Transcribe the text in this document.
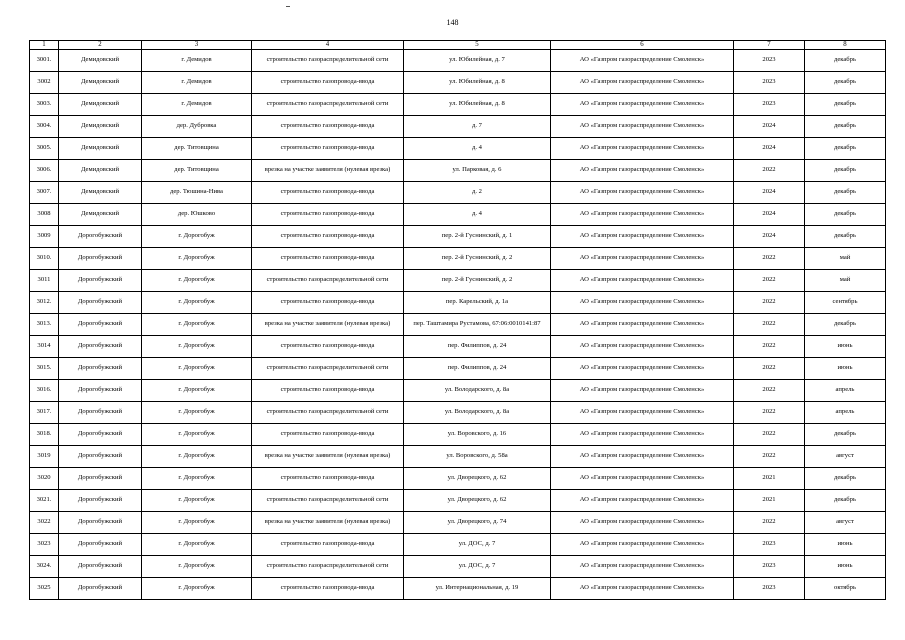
148
1	2	3	4	5	6	7	8
3001.	Демидовский	г. Демидов	строительство газораспределительной сети	ул. Юбилейная, д. 7	АО «Газпром газораспределение Смоленск»	2023	декабрь
3002	Демидовский	г. Демидов	строительство газопровода-ввода	ул. Юбилейная, д. 8	АО «Газпром газораспределение Смоленск»	2023	декабрь
3003.	Демидовский	г. Демидов	строительство газораспределительной сети	ул. Юбилейная, д. 8	АО «Газпром газораспределение Смоленск»	2023	декабрь
3004.	Демидовский	дер. Дубровка	строительство газопровода-ввода	д. 7	АО «Газпром газораспределение Смоленск»	2024	декабрь
3005.	Демидовский	дер. Титовщина	строительство газопровода-ввода	д. 4	АО «Газпром газораспределение Смоленск»	2024	декабрь
3006.	Демидовский	дер. Титовщина	врезка на участке заявителя (нулевая врезка)	ул. Парковая, д. 6	АО «Газпром газораспределение Смоленск»	2022	декабрь
3007.	Демидовский	дер. Тюшина-Нива	строительство газопровода-ввода	д. 2	АО «Газпром газораспределение Смоленск»	2024	декабрь
3008	Демидовский	дер. Юшково	строительство газопровода-ввода	д. 4	АО «Газпром газораспределение Смоленск»	2024	декабрь
3009	Дорогобужский	г. Дорогобуж	строительство газопровода-ввода	пер. 2-й Гуснинский, д. 1	АО «Газпром газораспределение Смоленск»	2024	декабрь
3010.	Дорогобужский	г. Дорогобуж	строительство газопровода-ввода	пер. 2-й Гуснинский, д. 2	АО «Газпром газораспределение Смоленск»	2022	май
3011	Дорогобужский	г. Дорогобуж	строительство газораспределительной сети	пер. 2-й Гуснинский, д. 2	АО «Газпром газораспределение Смоленск»	2022	май
3012.	Дорогобужский	г. Дорогобуж	строительство газопровода-ввода	пер. Карельский, д. 1а	АО «Газпром газораспределение Смоленск»	2022	сентябрь
3013.	Дорогобужский	г. Дорогобуж	врезка на участке заявителя (нулевая врезка)	пер. Таштамира Рустамова, 67:06:0010141:87	АО «Газпром газораспределение Смоленск»	2022	декабрь
3014	Дорогобужский	г. Дорогобуж	строительство газопровода-ввода	пер. Филиппов, д. 24	АО «Газпром газораспределение Смоленск»	2022	июнь
3015.	Дорогобужский	г. Дорогобуж	строительство газораспределительной сети	пер. Филиппов, д. 24	АО «Газпром газораспределение Смоленск»	2022	июнь
3016.	Дорогобужский	г. Дорогобуж	строительство газопровода-ввода	ул. Володарского, д. 8а	АО «Газпром газораспределение Смоленск»	2022	апрель
3017.	Дорогобужский	г. Дорогобуж	строительство газораспределительной сети	ул. Володарского, д. 8а	АО «Газпром газораспределение Смоленск»	2022	апрель
3018.	Дорогобужский	г. Дорогобуж	строительство газопровода-ввода	ул. Воровского, д. 16	АО «Газпром газораспределение Смоленск»	2022	декабрь
3019	Дорогобужский	г. Дорогобуж	врезка на участке заявителя (нулевая врезка)	ул. Воровского, д. 58а	АО «Газпром газораспределение Смоленск»	2022	август
3020	Дорогобужский	г. Дорогобуж	строительство газопровода-ввода	ул. Дворецкого, д. 62	АО «Газпром газораспределение Смоленск»	2021	декабрь
3021.	Дорогобужский	г. Дорогобуж	строительство газораспределительной сети	ул. Дворецкого, д. 62	АО «Газпром газораспределение Смоленск»	2021	декабрь
3022	Дорогобужский	г. Дорогобуж	врезка на участке заявителя (нулевая врезка)	ул. Дворецкого, д. 74	АО «Газпром газораспределение Смоленск»	2022	август
3023	Дорогобужский	г. Дорогобуж	строительство газопровода-ввода	ул. ДОС, д. 7	АО «Газпром газораспределение Смоленск»	2023	июнь
3024.	Дорогобужский	г. Дорогобуж	строительство газораспределительной сети	ул. ДОС, д. 7	АО «Газпром газораспределение Смоленск»	2023	июнь
3025	Дорогобужский	г. Дорогобуж	строительство газопровода-ввода	ул. Интернациональная, д. 19	АО «Газпром газораспределение Смоленск»	2023	октябрь
